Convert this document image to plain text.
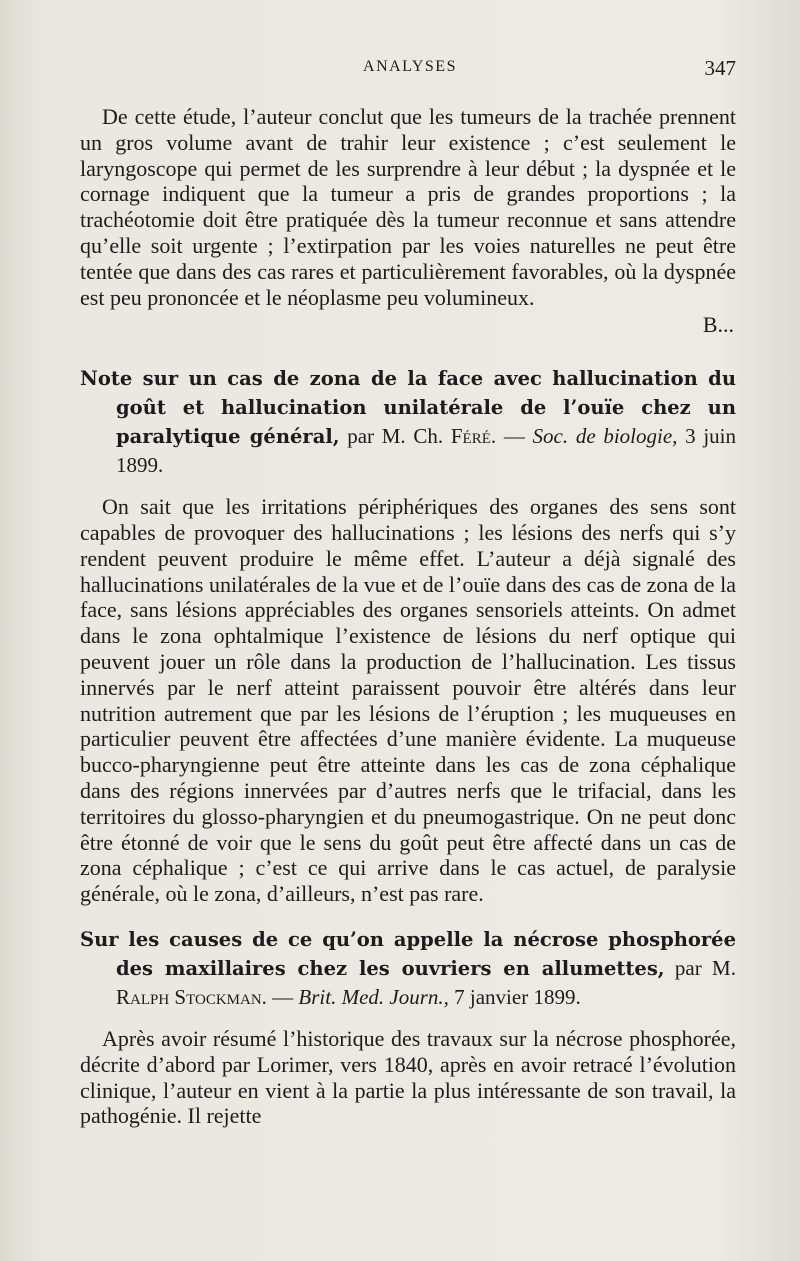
ANALYSES	347

De cette étude, l’auteur conclut que les tumeurs de la trachée prennent un gros volume avant de trahir leur existence ; c’est seulement le laryngoscope qui permet de les surprendre à leur début ; la dyspnée et le cornage indiquent que la tumeur a pris de grandes proportions ; la trachéotomie doit être pratiquée dès la tumeur reconnue et sans attendre qu’elle soit urgente ; l’extirpation par les voies naturelles ne peut être tentée que dans des cas rares et particulièrement favorables, où la dyspnée est peu prononcée et le néoplasme peu volumineux.

B...
Note sur un cas de zona de la face avec hallucination du goût et hallucination unilatérale de l’ouïe chez un paralytique général, par M. Ch. Féré. — Soc. de biologie, 3 juin 1899.

On sait que les irritations périphériques des organes des sens sont capables de provoquer des hallucinations ; les lésions des nerfs qui s’y rendent peuvent produire le même effet. L’auteur a déjà signalé des hallucinations unilatérales de la vue et de l’ouïe dans des cas de zona de la face, sans lésions appréciables des organes sensoriels atteints. On admet dans le zona ophtalmique l’existence de lésions du nerf optique qui peuvent jouer un rôle dans la production de l’hallucination. Les tissus innervés par le nerf atteint paraissent pouvoir être altérés dans leur nutrition autrement que par les lésions de l’éruption ; les muqueuses en particulier peuvent être affectées d’une manière évidente. La muqueuse bucco-pharyngienne peut être atteinte dans les cas de zona céphalique dans des régions innervées par d’autres nerfs que le trifacial, dans les territoires du glosso-pharyngien et du pneumogastrique. On ne peut donc être étonné de voir que le sens du goût peut être affecté dans un cas de zona céphalique ; c’est ce qui arrive dans le cas actuel, de paralysie générale, où le zona, d’ailleurs, n’est pas rare.

Sur les causes de ce qu’on appelle la nécrose phosphorée des maxillaires chez les ouvriers en allumettes, par M. Ralph Stockman. — Brit. Med. Journ., 7 janvier 1899.

Après avoir résumé l’historique des travaux sur la nécrose phosphorée, décrite d’abord par Lorimer, vers 1840, après en avoir retracé l’évolution clinique, l’auteur en vient à la partie la plus intéressante de son travail, la pathogénie. Il rejette
